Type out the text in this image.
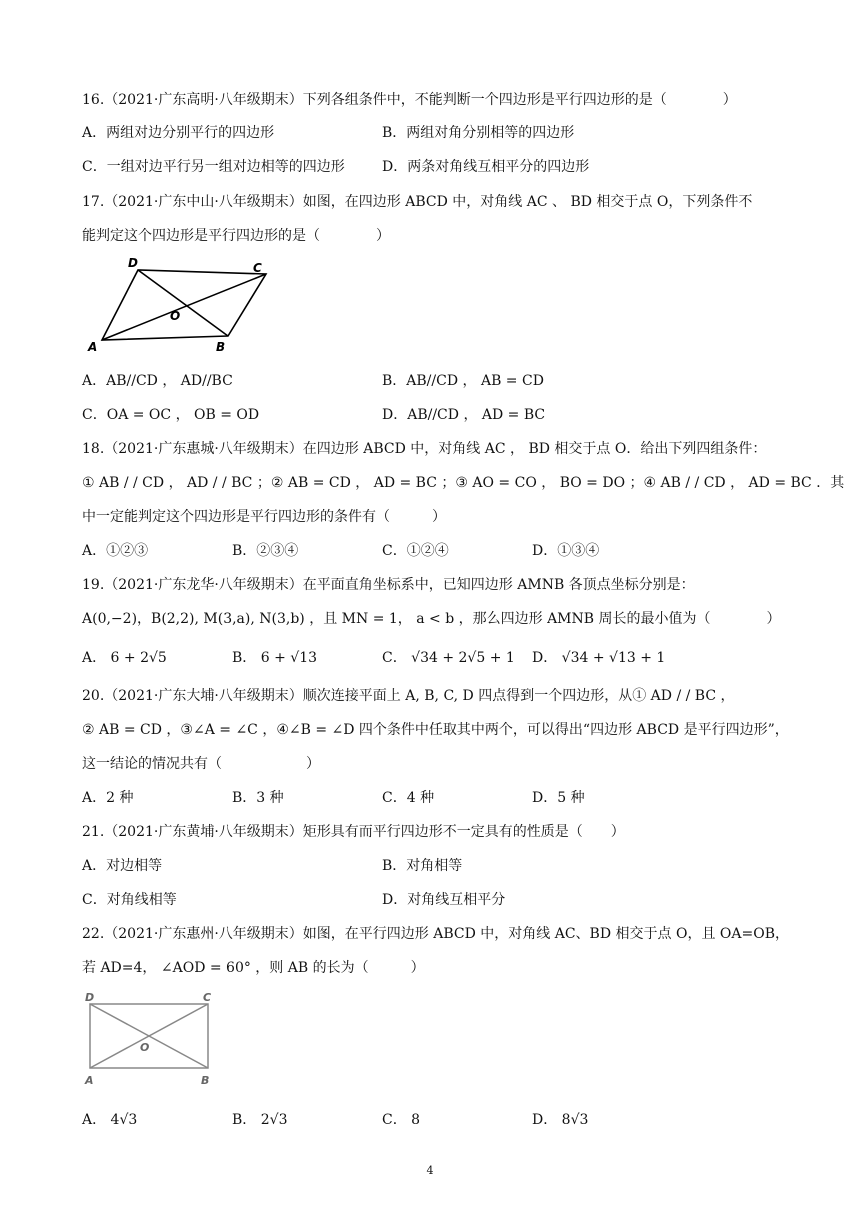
16.（2021·广东高明·八年级期末）下列各组条件中，不能判断一个四边形是平行四边形的是（　　　　）
A．两组对边分别平行的四边形	B．两组对角分别相等的四边形
C．一组对边平行另一组对边相等的四边形	D．两条对角线互相平分的四边形
17.（2021·广东中山·八年级期末）如图，在四边形 ABCD 中，对角线 AC 、 BD 相交于点 O，下列条件不
能判定这个四边形是平行四边形的是（　　　　）
D	C
O
A	B
A．AB//CD ， AD//BC	B．AB//CD ， AB = CD
C．OA = OC ， OB = OD	D．AB//CD ， AD = BC
18.（2021·广东惠城·八年级期末）在四边形 ABCD 中，对角线 AC ， BD 相交于点 O．给出下列四组条件：
① AB / / CD ， AD / / BC ；② AB = CD ， AD = BC ；③ AO = CO ， BO = DO ；④ AB / / CD ， AD = BC ．其
中一定能判定这个四边形是平行四边形的条件有（　　　）
A．①②③	B．②③④	C．①②④	D．①③④
19.（2021·广东龙华·八年级期末）在平面直角坐标系中，已知四边形 AMNB 各顶点坐标分别是：
A(0,−2)，B(2,2), M(3,a), N(3,b) ，且 MN = 1， a < b ，那么四边形 AMNB 周长的最小值为（　　　　）
A． 6 + 2√5	B． 6 + √13	C． √34 + 2√5 + 1 D． √34 + √13 + 1
20.（2021·广东大埔·八年级期末）顺次连接平面上 A, B, C, D 四点得到一个四边形，从① AD / / BC ，
② AB = CD ，③∠A = ∠C ，④∠B = ∠D 四个条件中任取其中两个，可以得出“四边形 ABCD 是平行四边形”，
这一结论的情况共有（　　　　　　）
A．2 种	B．3 种	C．4 种	D．5 种
21.（2021·广东黄埔·八年级期末）矩形具有而平行四边形不一定具有的性质是（　　）
A．对边相等	B．对角相等
C．对角线相等	D．对角线互相平分
22.（2021·广东惠州·八年级期末）如图，在平行四边形 ABCD 中，对角线 AC、BD 相交于点 O，且 OA=OB，
若 AD=4， ∠AOD = 60° ，则 AB 的长为（　　　）
D	C
O
A	B
A． 4√3	B． 2√3	C． 8	D． 8√3
4
